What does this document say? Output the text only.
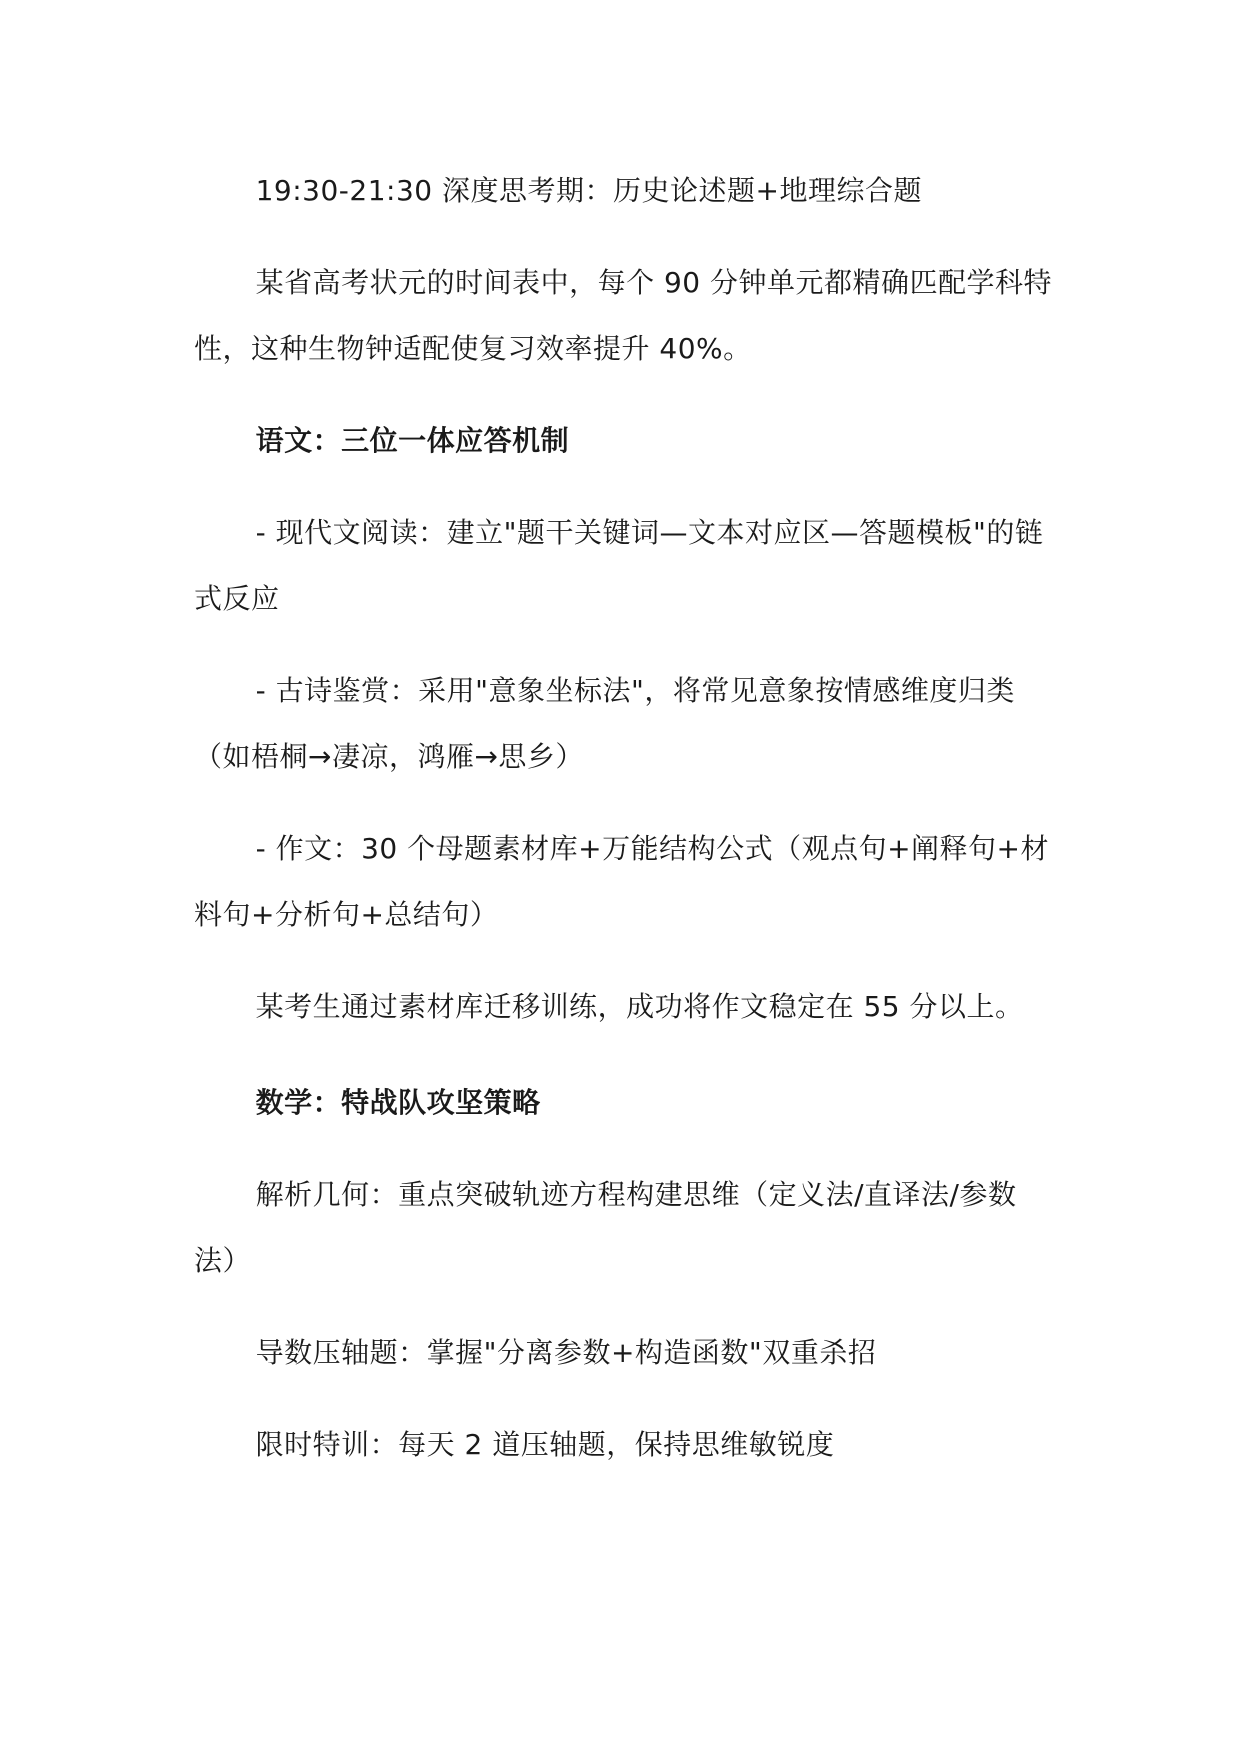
19:30-21:30 深度思考期：历史论述题+地理综合题

某省高考状元的时间表中，每个 90 分钟单元都精确匹配学科特性，这种生物钟适配使复习效率提升 40%。

语文：三位一体应答机制

- 现代文阅读：建立"题干关键词—文本对应区—答题模板"的链式反应

- 古诗鉴赏：采用"意象坐标法"，将常见意象按情感维度归类（如梧桐→凄凉，鸿雁→思乡）

- 作文：30 个母题素材库+万能结构公式（观点句+阐释句+材料句+分析句+总结句）

某考生通过素材库迁移训练，成功将作文稳定在 55 分以上。

数学：特战队攻坚策略

解析几何：重点突破轨迹方程构建思维（定义法/直译法/参数法）

导数压轴题：掌握"分离参数+构造函数"双重杀招

限时特训：每天 2 道压轴题，保持思维敏锐度
